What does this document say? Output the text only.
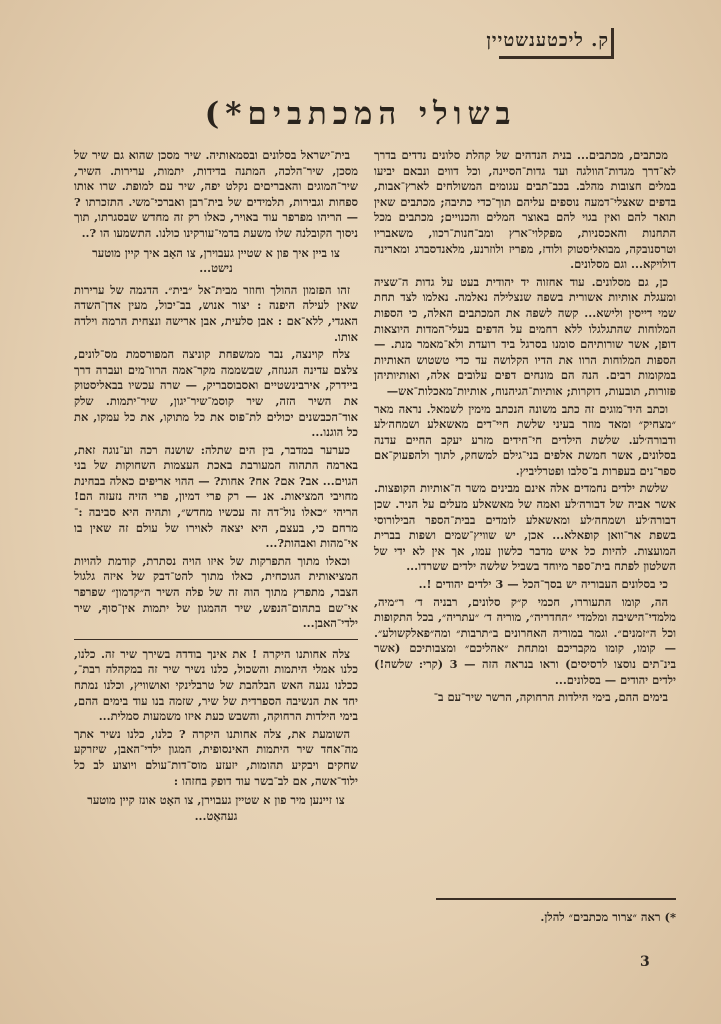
ק. ליכטענשטיין
בשולי המכתבים*)

מכתבים, מכתבים... בנית הנדהים של קהלת סלונים נדדים בדרך לא־דרך מגדות־הוולגה ועד גדות־הסיינה, וכל דווים ונבאם יביעו במלים חצובות מהלב. בכב־תבים עגומים המשולחים לארץ־אבות, בדפים שאצלי־דמעה נוספים עליהם תוך־כדי כתיבה; מכתבים שאין תואר להם ואין בגוי להם באוצר המלים והכנויים; מכתבים מכל התחנות והאכסניות, מפקלוי־ארץ ומב־חנות־רכוו, משאבריו וטרסנובקה, מבואליסטוק ולודז, מפריז ולוזרנע, מלאנדסברג ומארינה דולויקא... וגם מסלונים.

כן, גם מסלונים. עוד אחזוה יד יהודית בעט על גדות ה־שציה ומעגלת אותיות אשורית בשפה שנצלילה נאלמה. נאלמו לצד תחת שמי דייסין ולישא... קשה לשפה את המכתבים האלה, כי הספות המלוחות שהתגלגלו ללא רחמים על הדפים בעלי־המדות היוצאות דופן, אשר שורותיהם סומנו בסרגל ביד רועדת ולא־מאמר מנת. — הספות המלוחות הרוו את הדיו הקלושה עד כדי טשטוש האותיות במקומות רבים. הנה הם מונחים דפים עלובים אלה, ואותיותיהן פזורות, תובעות, דוקרות; אותיות־הגיהנוח, אותיות־מאכלות־אש—

וכתב היד־מוגים זה כתב משונה הנכתב מימין לשמאל. נראה מאר ״מצחיק״ ומאד מוזר בעיני שלשת חיי־דים מאשאלע ושמחה׳לע ודבורה׳לע. שלשת הילדים חי־חידים מזרע יעקב החיים עדנה בסלונים, אשר חמשת אלפים בני־גילם למשחק, לתוך ולהפעוק־אם ספר־נים בעפרות ב־סלבו ופטרליביץ.

שלשת ילדים נחמדים אלה אינם מבינים משר ה־אותיות הקופצות. אשר אביה של דבורה׳לע ואמה של מאשאלע מעלים על הניר. שכן דבורה׳לע ושמחה׳לע ומאשאלע לומדים בבית־הספר הבילורוסי בשפת אר־וואן קופאלא... אכן, יש שוויץ־שמים ושפות בברית המועצות. להיות כל איש מדבר כלשון עמו, אך אין לא ידי של השלטון לפתח בית־ספר מיוחד בשביל שלשה ילדים ששרדו...

כי בסלונים העבוריה יש בסך־הכל — 3 ילדים יהודים !..

הה, קומו התעוררו, חכמי ק״ק סלונים, רבניה ד׳ ר״מיה, מלמדי־הישיבה ומלמדי ״החדריה״, מוריה ד׳ ״עתריה״, בכל התקופות וכל ה״זמנים״. וגמר במוריה האחרונים ב״תרבות״ ומה״פאלקשולע״. — קומו, קומו מקבריכם ומתחת ״אהליכם״ ומצבותיכם (אשר בינ־תים נוסצו לרסיסים) וראו בנראה הזה — 3 (קרי: שלשה!) ילדים יהודים — בסלונים...

בימים ההם, בימי הילדות הרחוקה, הרשר שיר־עם ב־

בית־ישראל בסלונים ובסמאותיה. שיר מסכן שהוא גם שיר של מסכן, שיר־הלכה, המתנה בדידות, יתמות, ערירות. השיר, שיר־המוגים והאבריםים נקלט יפה, שיר עם למופת. שרו אותו ספחות וגבירות, תלמידים של בית־רבן ואברכי־משי. התזכרתו ? — הריהו מפרפר עוד באויר, כאלו רק זה מחדש שבסגרתו, תוך ניסוך הקובלנה שלו משעת בדמי־עורקינו כולנו. התשמעו הו ?..

צו ביין איך פון א שטיין געבוירן, צו האָב איך קיין מוטער נישט...

זהו הפזמון ההולך וחוזר מבית־אל ״בית״. הדגמה של ערירות שאין לעילה היפנה : יצור אנוש, בב־יכול, מעין אדן־השדה האגדי, ללא־אם : אבן סלעית, אבן ארישה ונצחית הרמה וילדה אותו.

צלח קוינצה, נבר ממשפחת קוניצה המפורסמת מס־לונים, צלצם עדינה הגנוזה, שבשממה מקר־אמה הרוו־מים ועברה דרך ביידרק, אירבינשטיים ואסבוסבריק, — שרה עכשיו בבאליסטוק את השיר הזה, שיר קוסמ־שיר־יגון, שיר־יתמות. שלק אוד־הכבשנים יכולים לת־פוס את כל מתוקו, את כל עמקו, את כל הוגנו...

כערער במדבר, בין הים שתלה: שושנה רכה וע־נוגה זאת, בארמה התהוה המעורבת באכת העצמות השחוקות של בני הגוים... אב? אם? אח? אחות? — ההוי אריפים כאלה בבחינת מחויבי המציאות. אנ — רק פרי דמיון, פרי הזיה נזעזה הם! הריהי ״כאלו נול־דה זה עכשיו מחדש״, ותהיה היא סביבה :־מרחם כי, בעצם, היא יצאה לאוירו של עולם זה שאין בו אי־מהות ואבהות?...

וכאלו מתוך התפרקות של איזו הויה נסתרת, קודמת להויות המציאותית הגוכחית, כאלו מתוך להט־דבק של איזה גלגול הצבר, מתפרץ מתוך הוה זה של פלה השיר ה״קדמון״ שפרפר אי־שם בתהום־הנפש, שיר ההמגון של יתמות אין־סוף, שיר ילדי־האבן...

צלה אחותנו היקרה ! את אינך בודדה בשירך שיר זה. כלנו, כלנו אמלי היתמות והשכול, כלנו נשיר שיר זה במקהלה רבת־, ככלנו נגעה האש הבלהבת של טרבלינקי ואושוויץ, וכלנו נמתח יחד את הנשיבה הספרדית של שיר, שזמה בנו עוד בימים ההם, בימי הילדות הרחוקה, והשבש כעת איזו משמעות סמלית...

השומעת את, צלה אחותנו היקרה ? כלנו, כלנו נשיר אתך מה־אחד שיר היתמות האינסופית, המגון ילדי־האבן, שיזרקע שחקים ויבקיע תהומות, יזעזע מוס־דות־עולם ויוצוע לב כל ילוד־אשה, אם לב־בשר עוד דופק בחזהו :

צו זיינען מיר פון א שטיין געבוירן, צו האָט אונז קיין מוטער געהאַט...

*) ראה ״צרור מכתבים״ להלן.
3
